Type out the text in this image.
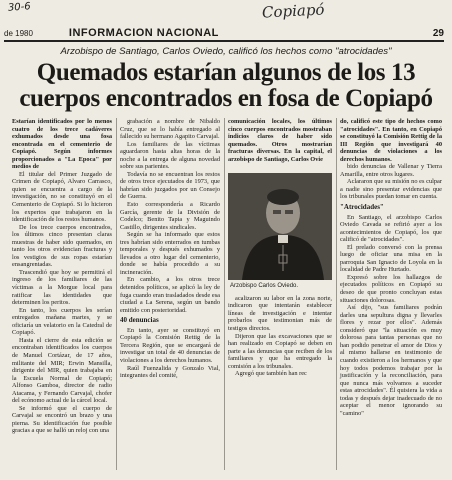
30-6	Copiapó
de 1980	INFORMACION NACIONAL	29
Arzobispo de Santiago, Carlos Oviedo, calificó los hechos como "atrocidades"
Quemados estarían algunos de los 13
cuerpos encontrados en fosa de Copiapó

Estarían identificados por lo menos cuatro de los trece cadáveres exhumados desde una fosa encontrada en el cementerio de Copiapó. Según informes proporcionados a "La Epoca" por medios de

El titular del Primer Juzgado de Crimen de Copiapó, Alvaro Carrasco, quien se encuentra a cargo de la investigación, no se constituyó en el Cementerio de Copiapó. Si lo hicieron los expertos que trabajaron en la identificación de los restos humanos.

De los trece cuerpos encontrados, los últimos cinco presentan claras muestras de haber sido quemados, en tanto los otros evidencian fracturas y los vestigios de sus ropas estarían ensangrentadas.

Trascendió que hoy se permitirá el ingreso de los familiares de las víctimas a la Morgue local para ratificar las identidades que determinen los peritos.

En tanto, los cuerpos les serían entregados mañana martes, y se oficiaría un velatorio en la Catedral de Copiapó.

Hasta el cierre de esta edición se encontraban identificados los cuerpos de Manuel Cortázar, de 17 años, militante del MIR; Erwin Mansilla, dirigente del MIR, quien trabajaba en la Escuela Normal de Copiapó; Alfonso Gamboa, director de radio Atacama, y Fernando Carvajal, chofer del ecónomo actual de la cárcel local.

Se informó que el cuerpo de Carvajal se encontró un brazo y una pierna. Su identificación fue posible gracias a que se halló un reloj con una

grabación a nombre de Nibaldo Cruz, que se lo había entregado al fallecido su hermano Agapito Carvajal.

Los familiares de las víctimas aguardaron hasta altas horas de la noche a la entrega de alguna novedad sobre sus parientes.

Todavía no se encuentran los restos de otros trece ejecutados de 1973, que habrían sido juzgados por un Consejo de Guerra.

Esto correspondería a Ricardo García, gerente de la División de Codelco; Benito Tapia y Maguindo Castillo, dirigentes sindicales.

Según se ha informado que estos tres habrían sido enterrados en tumbas temporales y después exhumados y llevados a otro lugar del cementerio, donde se había procedido a su incineración.

En cambio, a los otros trece detenidos políticos, se aplicó la ley de fuga cuando eran trasladados desde esa ciudad a La Serena, según un bando emitido con posterioridad.

40 denuncias

En tanto, ayer se constituyó en Copiapó la Comisión Rettig de la Tercera Región, que se encargará de investigar un total de 40 denuncias de violaciones a los derechos humanos.

Raúl Fuenzalida y Gonzalo Vial, integrantes del comité,

comunicación locales, los últimos cinco cuerpos encontrados mostraban indicios claros de haber sido quemados. Otros mostrarían fracturas diversas. En la capital, el arzobispo de Santiago, Carlos Ovie

Arzobispo Carlos Oviedo.

acalizaron su labor en la zona norte, indicaron que intentarán establecer líneas de investigación e intentar probarlos que testimonian más de testigos directos.

Dijeron que las excavaciones que se han realizado en Copiapó se deben en parte a las denuncias que reciben de los familiares y que ha entregado la comisión a los tribunales.

Agregó que también han rec

do, calificó este tipo de hechos como "atrocidades". En tanto, en Copiapó se constituyó la Comisión Rettig de la III Región que investigará 40 denuncias de violaciones a los derechos humanos.

bido denuncias de Vallenar y Tierra Amarilla, entre otros lugares.

Aclararon que su misión no es culpar a nadie sino presentar evidencias que los tribunales puedan tomar en cuenta.

"Atrocidades"

En Santiago, el arzobispo Carlos Oviedo Cavada se refirió ayer a los acontecimientos de Copiapó, los que calificó de "atrocidades".

El prelado conversó con la prensa luego de oficiar una misa en la parroquia San Ignacio de Loyola en la localidad de Padre Hurtado.

Expresó sobre los hallazgos de ejecutados políticos en Copiapó su deseo de que pronto concluyan estas situaciones dolorosas.

Así dijo, "sus familiares podrán darles una sepultura digna y llevarles flores y rezar por ellos". Además consideró que "la situación es muy dolorosa para tantas personas que no han podido penetrar el amor de Dios y al mismo hallarse en testimonio de cuando existieron a los hermanos y que hoy todos podemos trabajar por la justificación y la reconciliación, para que nunca más volvamos a suceder estas atrocidades". Él quisiera la vida a todas y después dejar inadecuado de no aceptar el menor ignorando su "camino"
